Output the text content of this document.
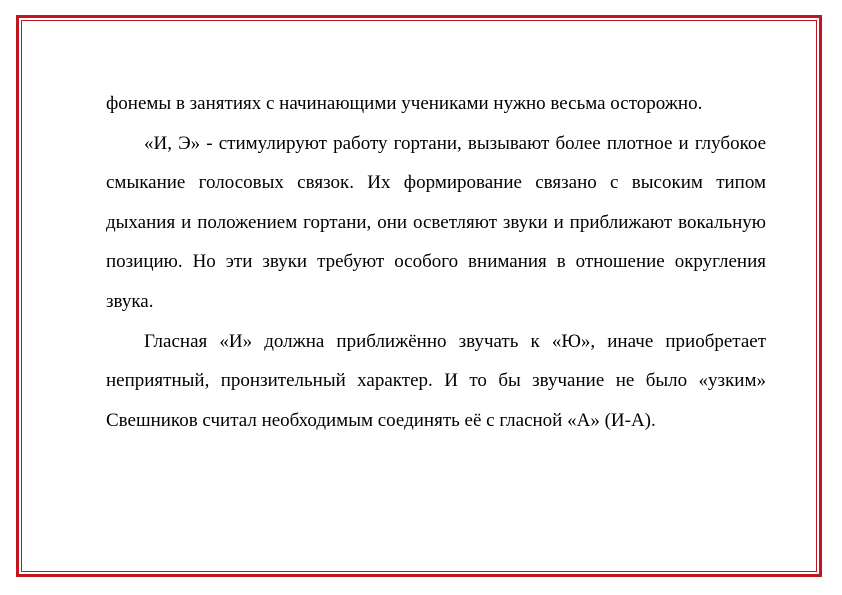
фонемы в занятиях с начинающими учениками нужно весьма осторожно.

«И, Э» - стимулируют работу гортани, вызывают более плотное и глубокое смыкание голосовых связок. Их формирование связано с высоким типом дыхания и положением гортани, они осветляют звуки и приближают вокальную позицию. Но эти звуки требуют особого внимания в отношение округления звука.

Гласная «И» должна приближённо звучать к «Ю», иначе приобретает неприятный, пронзительный характер. И то бы звучание не было «узким» Свешников считал необходимым соединять её с гласной «А» (И-А).
